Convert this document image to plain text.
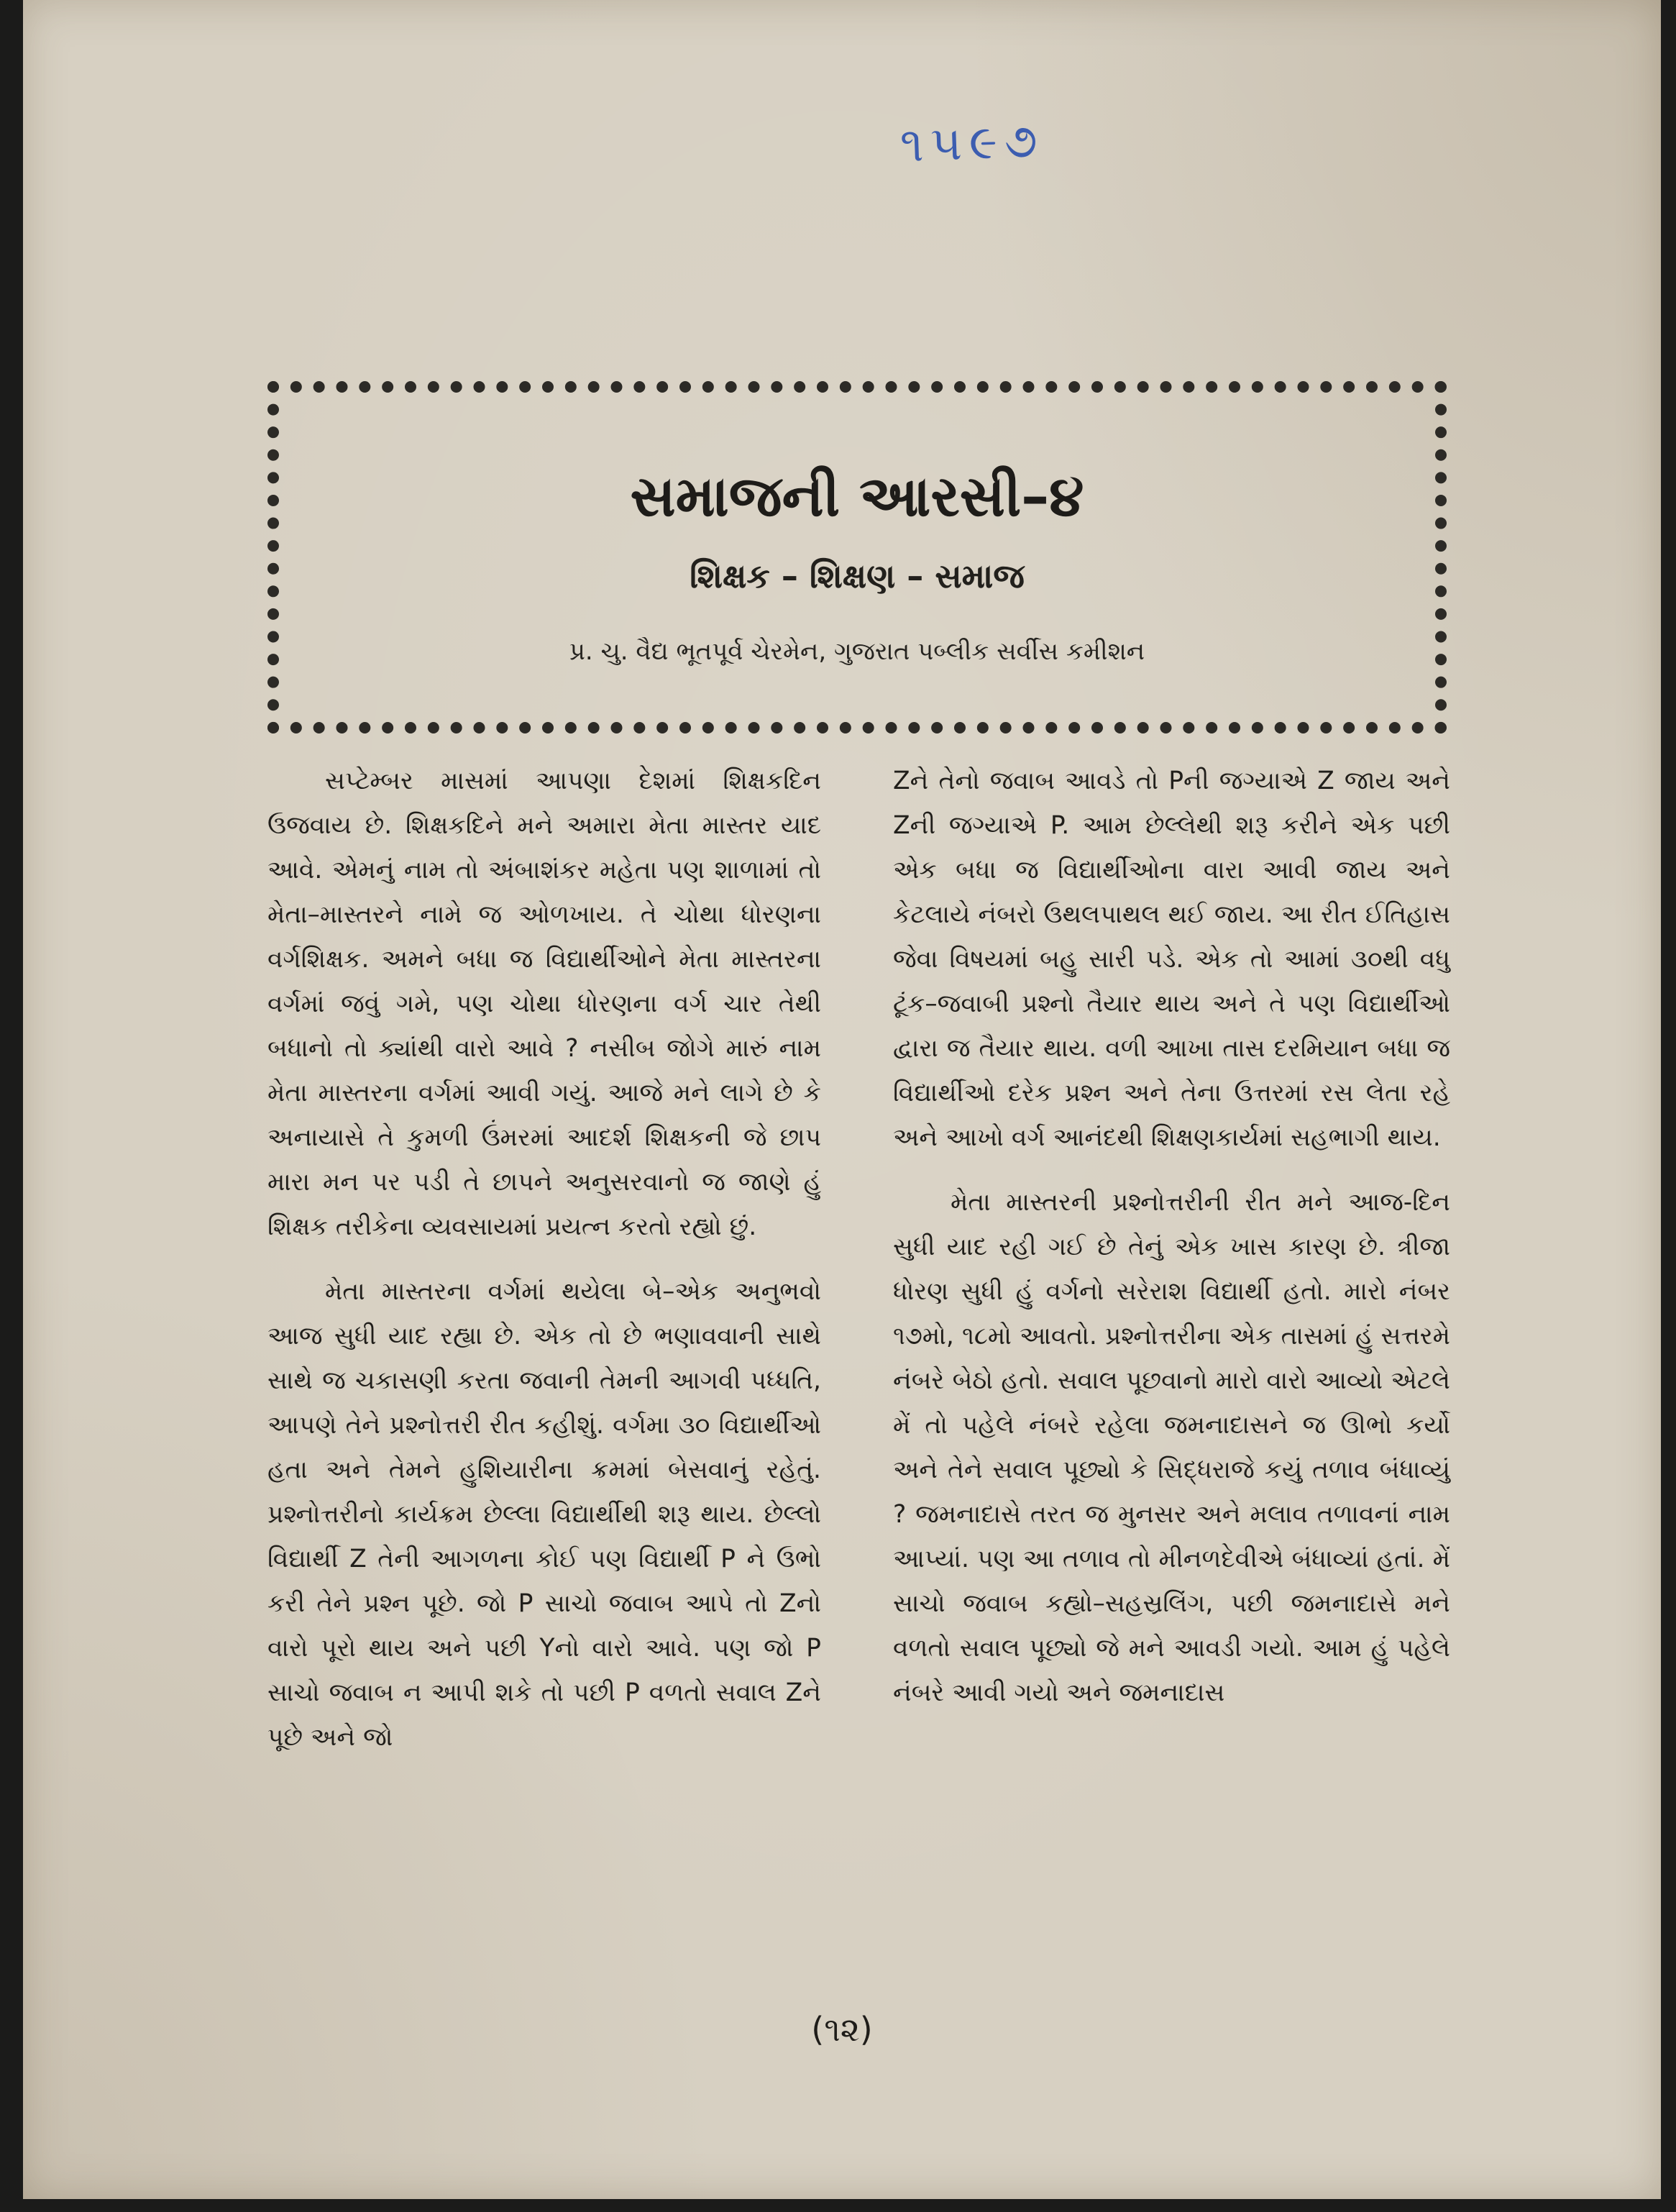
૧૫૯૭
સમાજની આરસી–૪
શિક્ષક – શિક્ષણ – સમાજ
પ્ર. ચુ. વૈદ્ય ભૂતપૂર્વ ચેરમેન, ગુજરાત પબ્લીક સર્વીસ કમીશન

સપ્ટેમ્બર માસમાં આપણા દેશમાં શિક્ષકદિન ઉજવાય છે. શિક્ષકદિને મને અમારા મેતા માસ્તર યાદ આવે. એમનું નામ તો અંબાશંકર મહેતા પણ શાળામાં તો મેતા–માસ્તરને નામે જ ઓળખાય. તે ચોથા ધોરણના વર્ગશિક્ષક. અમને બધા જ વિદ્યાર્થીઓને મેતા માસ્તરના વર્ગમાં જવું ગમે, પણ ચોથા ધોરણના વર્ગ ચાર તેથી બધાનો તો ક્યાંથી વારો આવે ? નસીબ જોગે મારું નામ મેતા માસ્તરના વર્ગમાં આવી ગયું. આજે મને લાગે છે કે અનાયાસે તે કુમળી ઉંમરમાં આદર્શ શિક્ષકની જે છાપ મારા મન પર પડી તે છાપને અનુસરવાનો જ જાણે હું શિક્ષક તરીકેના વ્યવસાયમાં પ્રયત્ન કરતો રહ્યો છું.

મેતા માસ્તરના વર્ગમાં થયેલા બે–એક અનુભવો આજ સુધી યાદ રહ્યા છે. એક તો છે ભણાવવાની સાથે સાથે જ ચકાસણી કરતા જવાની તેમની આગવી પધ્ધતિ, આપણે તેને પ્રશ્નોત્તરી રીત કહીશું. વર્ગમા ૩૦ વિદ્યાર્થીઓ હતા અને તેમને હુશિયારીના ક્રમમાં બેસવાનું રહેતું. પ્રશ્નોત્તરીનો કાર્યક્રમ છેલ્લા વિદ્યાર્થીથી શરૂ થાય. છેલ્લો વિદ્યાર્થી Z તેની આગળના કોઈ પણ વિદ્યાર્થી P ને ઉભો કરી તેને પ્રશ્ન પૂછે. જો P સાચો જવાબ આપે તો Zનો વારો પૂરો થાય અને પછી Yનો વારો આવે. પણ જો P સાચો જવાબ ન આપી શકે તો પછી P વળતો સવાલ Zને પૂછે અને જો

Zને તેનો જવાબ આવડે તો Pની જગ્યાએ Z જાય અને Zની જગ્યાએ P. આમ છેલ્લેથી શરૂ કરીને એક પછી એક બધા જ વિદ્યાર્થીઓના વારા આવી જાય અને કેટલાયે નંબરો ઉથલપાથલ થઈ જાય. આ રીત ઈતિહાસ જેવા વિષયમાં બહુ સારી પડે. એક તો આમાં ૩૦થી વધુ ટૂંક–જવાબી પ્રશ્નો તૈયાર થાય અને તે પણ વિદ્યાર્થીઓ દ્વારા જ તૈયાર થાય. વળી આખા તાસ દરમિયાન બધા જ વિદ્યાર્થીઓ દરેક પ્રશ્ન અને તેના ઉત્તરમાં રસ લેતા રહે અને આખો વર્ગ આનંદથી શિક્ષણકાર્યમાં સહભાગી થાય.

મેતા માસ્તરની પ્રશ્નોત્તરીની રીત મને આજ-દિન સુધી યાદ રહી ગઈ છે તેનું એક ખાસ કારણ છે. ત્રીજા ધોરણ સુધી હું વર્ગનો સરેરાશ વિદ્યાર્થી હતો. મારો નંબર ૧૭મો, ૧૮મો આવતો. પ્રશ્નોત્તરીના એક તાસમાં હું સત્તરમે નંબરે બેઠો હતો. સવાલ પૂછવાનો મારો વારો આવ્યો એટલે મેં તો પહેલે નંબરે રહેલા જમનાદાસને જ ઊભો કર્યો અને તેને સવાલ પૂછ્યો કે સિદ્ધરાજે કયું તળાવ બંધાવ્યું ? જમનાદાસે તરત જ મુનસર અને મલાવ તળાવનાં નામ આપ્યાં. પણ આ તળાવ તો મીનળદેવીએ બંધાવ્યાં હતાં. મેં સાચો જવાબ કહ્યો–સહસ્રલિંગ, પછી જમનાદાસે મને વળતો સવાલ પૂછ્યો જે મને આવડી ગયો. આમ હું પહેલે નંબરે આવી ગયો અને જમનાદાસ

(૧૨)
